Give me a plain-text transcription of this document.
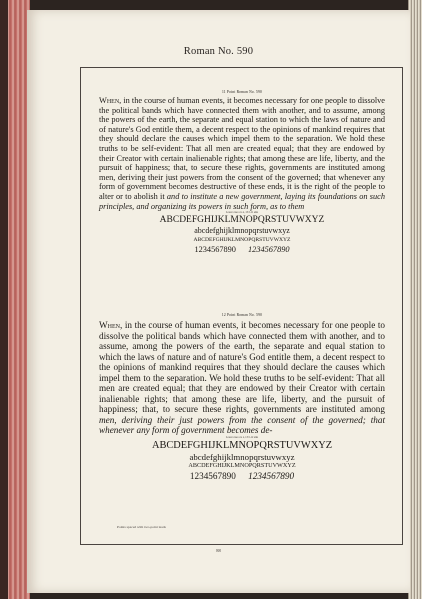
Roman No. 590
11 Point Roman No. 590
When, in the course of human events, it becomes necessary for one people to dissolve the political bands which have connected them with another, and to assume, among the powers of the earth, the separate and equal station to which the laws of nature and of nature's God entitle them, a decent respect to the opinions of mankind requires that they should declare the causes which impel them to the separation. We hold these truths to be self-evident: That all men are created equal; that they are endowed by their Creator with certain inalienable rights; that among these are life, liberty, and the pursuit of happiness; that, to secure these rights, governments are instituted among men, deriving their just powers from the consent of the governed; that whenever any form of government becomes destructive of these ends, it is the right of the people to alter or to abolish it and to institute a new government, laying its foundations on such principles, and organizing its powers in such form, as to them
Lower case a to z, 13.5-11 ems
ABCDEFGHIJKLMNOPQRSTUVWXYZ
abcdefghijklmnopqrstuvwxyz
ABCDEFGHIJKLMNOPQRSTUVWXYZ
1234567890 1234567890
12 Point Roman No. 590
When, in the course of human events, it becomes necessary for one people to dissolve the political bands which have connected them with another, and to assume, among the powers of the earth, the separate and equal station to which the laws of nature and of nature's God entitle them, a decent respect to the opinions of mankind requires that they should declare the causes which impel them to the separation. We hold these truths to be self-evident: That all men are created equal; that they are endowed by their Creator with certain inalienable rights; that among these are life, liberty, and the pursuit of happiness; that, to secure these rights, governments are instituted among men, deriving their just powers from the consent of the governed; that whenever any form of government becomes de-
Lower case a to z, 13.5-12 ems
ABCDEFGHIJKLMNOPQRSTUVWXYZ
abcdefghijklmnopqrstuvwxyz
ABCDEFGHIJKLMNOPQRSTUVWXYZ
1234567890 1234567890
Points spaced with two-point leads
88
